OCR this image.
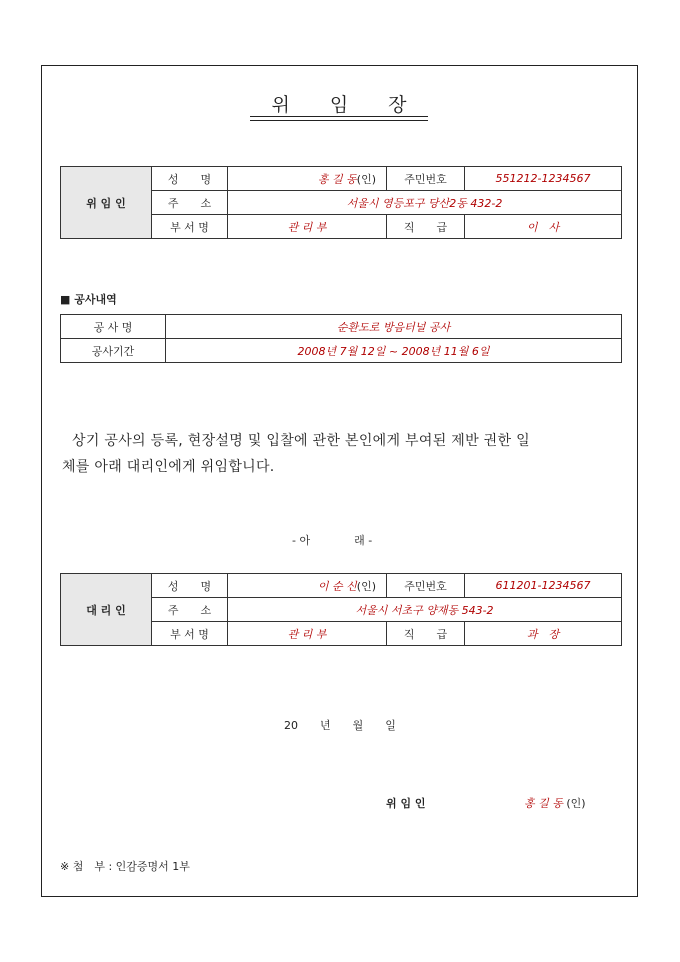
위 임 장
위 임 인	성　　명	홍 길 동(인)	주민번호	551212-1234567
	주　　소	서울시 영등포구 당산2동 432-2		
	부 서 명	관 리 부	직　　급	이　사
■ 공사내역
공 사 명	순환도로 방음터널 공사
공사기간	2008년 7월 12일 ~ 2008년 11월 6일
상기 공사의 등록, 현장설명 및 입찰에 관한 본인에게 부여된 제반 권한 일
체를 아래 대리인에게 위임합니다.
- 아　　　　래 -
대 리 인	성　　명	이 순 신(인)	주민번호	611201-1234567
	주　　소	서울시 서초구 양재동 543-2		
	부 서 명	관 리 부	직　　급	과　장
20　　년　　월　　일
위 임 인	홍 길 동 (인)
※ 첨　부 : 인감증명서 1부
